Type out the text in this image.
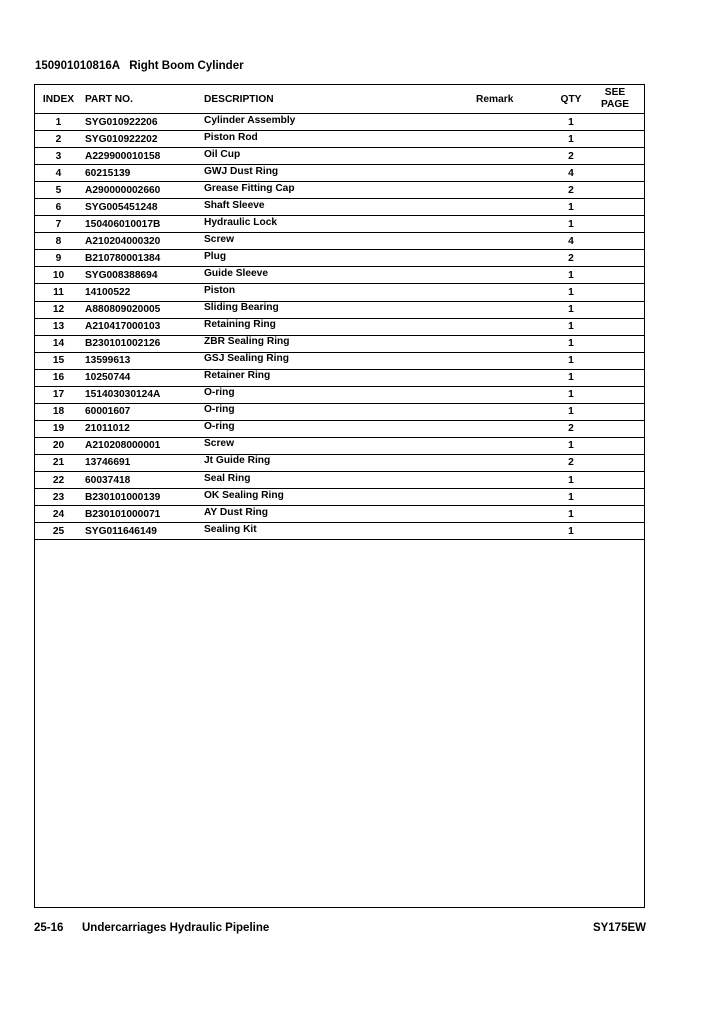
150901010816A   Right Boom Cylinder
INDEX	PART NO.	DESCRIPTION	Remark	QTY	SEE
PAGE
1	SYG010922206	Cylinder Assembly		1	
2	SYG010922202	Piston Rod		1	
3	A229900010158	Oil Cup		2	
4	60215139	GWJ Dust Ring		4	
5	A290000002660	Grease Fitting Cap		2	
6	SYG005451248	Shaft Sleeve		1	
7	150406010017B	Hydraulic Lock		1	
8	A210204000320	Screw		4	
9	B210780001384	Plug		2	
10	SYG008388694	Guide Sleeve		1	
11	14100522	Piston		1	
12	A880809020005	Sliding Bearing		1	
13	A210417000103	Retaining Ring		1	
14	B230101002126	ZBR Sealing Ring		1	
15	13599613	GSJ Sealing Ring		1	
16	10250744	Retainer Ring		1	
17	151403030124A	O-ring		1	
18	60001607	O-ring		1	
19	21011012	O-ring		2	
20	A210208000001	Screw		1	
21	13746691	Jt Guide Ring		2	
22	60037418	Seal Ring		1	
23	B230101000139	OK Sealing Ring		1	
24	B230101000071	AY Dust Ring		1	
25	SYG011646149	Sealing Kit		1	
25-16 Undercarriages Hydraulic Pipeline	SY175EW
